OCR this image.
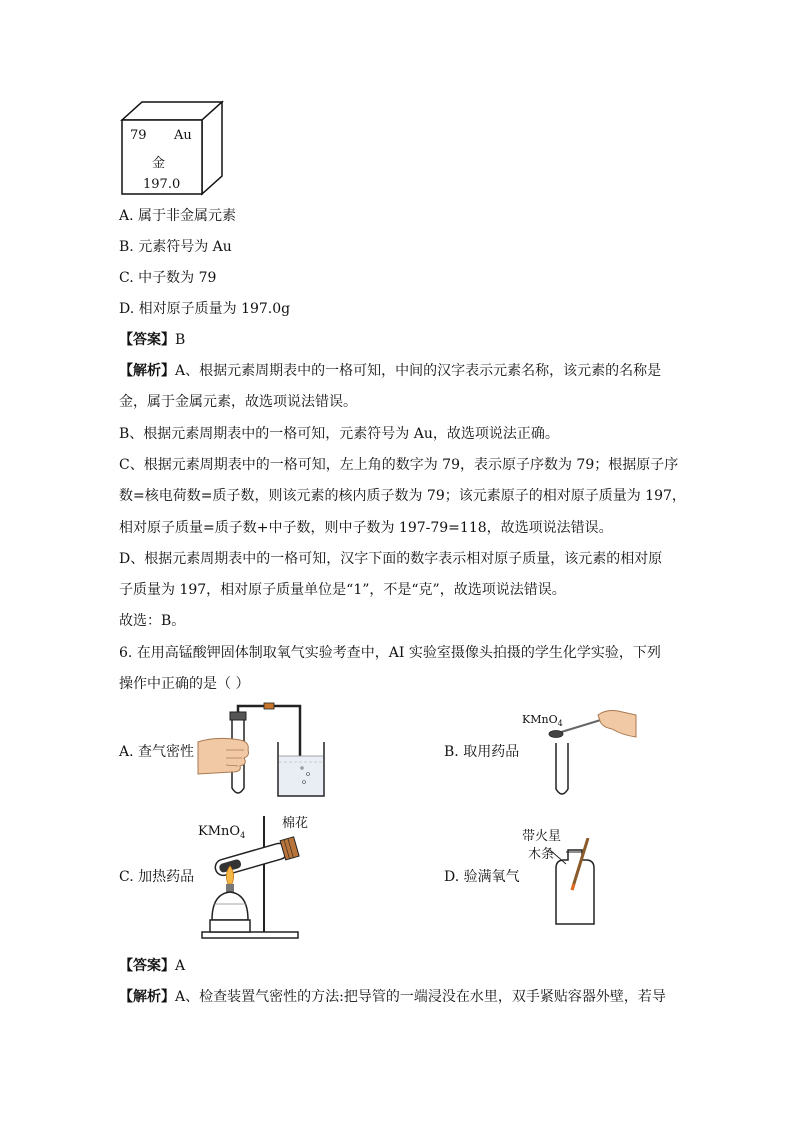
79 Au
金
197.0
A. 属于非金属元素
B. 元素符号为 Au
C. 中子数为 79
D. 相对原子质量为 197.0g
【答案】B
【解析】A、根据元素周期表中的一格可知，中间的汉字表示元素名称，该元素的名称是
金，属于金属元素，故选项说法错误。
B、根据元素周期表中的一格可知，元素符号为 Au，故选项说法正确。
C、根据元素周期表中的一格可知，左上角的数字为 79，表示原子序数为 79；根据原子序
数=核电荷数=质子数，则该元素的核内质子数为 79；该元素原子的相对原子质量为 197，
相对原子质量=质子数+中子数，则中子数为 197-79=118，故选项说法错误。
D、根据元素周期表中的一格可知，汉字下面的数字表示相对原子质量，该元素的相对原
子质量为 197，相对原子质量单位是“1”，不是“克”，故选项说法错误。
故选：B。
6. 在用高锰酸钾固体制取氧气实验考查中，AI 实验室摄像头拍摄的学生化学实验，下列
操作中正确的是（ ）
A. 查气密性	B. 取用药品
C. 加热药品	D. 验满氧气
KMnO$_4$
KMnO$_4$
棉花
带火星
木条
【答案】A
【解析】A、检查装置气密性的方法:把导管的一端浸没在水里，双手紧贴容器外壁，若导
